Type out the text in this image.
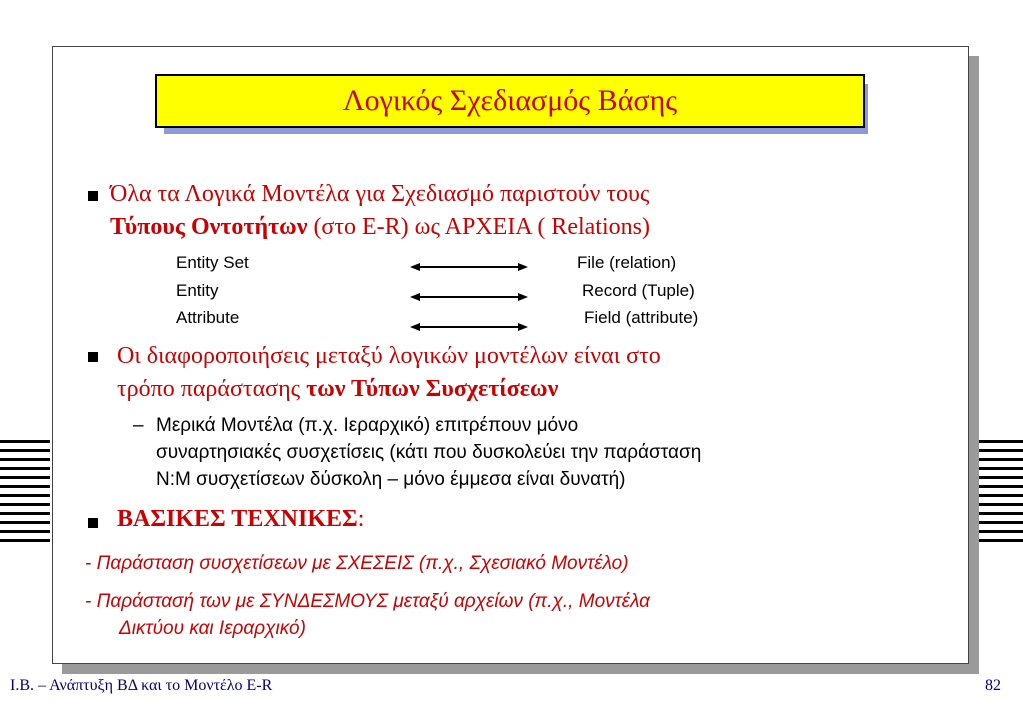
Λογικός Σχεδιασμός Βάσης
Όλα τα Λογικά Μοντέλα για Σχεδιασμό παριστούν τους
Τύπους Οντοτήτων (στο E-R) ως ΑΡΧΕΙΑ ( Relations)
Entity Set
Entity
Attribute
File (relation)
Record (Tuple)
Field (attribute)
Οι διαφοροποιήσεις μεταξύ λογικών μοντέλων είναι στο
τρόπο παράστασης των Τύπων Συσχετίσεων
– Μερικά Μοντέλα (π.χ. Ιεραρχικό) επιτρέπουν μόνο
συναρτησιακές συσχετίσεις (κάτι που δυσκολεύει την παράσταση
N:M συσχετίσεων δύσκολη – μόνο έμμεσα είναι δυνατή)
ΒΑΣΙΚΕΣ ΤΕΧΝΙΚΕΣ:
- Παράσταση συσχετίσεων με ΣΧΕΣΕΙΣ (π.χ., Σχεσιακό Μοντέλο)
- Παράστασή των με ΣΥΝΔΕΣΜΟΥΣ μεταξύ αρχείων (π.χ., Μοντέλα
Δικτύου και Ιεραρχικό)
Ι.Β. – Ανάπτυξη ΒΔ και το Μοντέλο E-R	82
